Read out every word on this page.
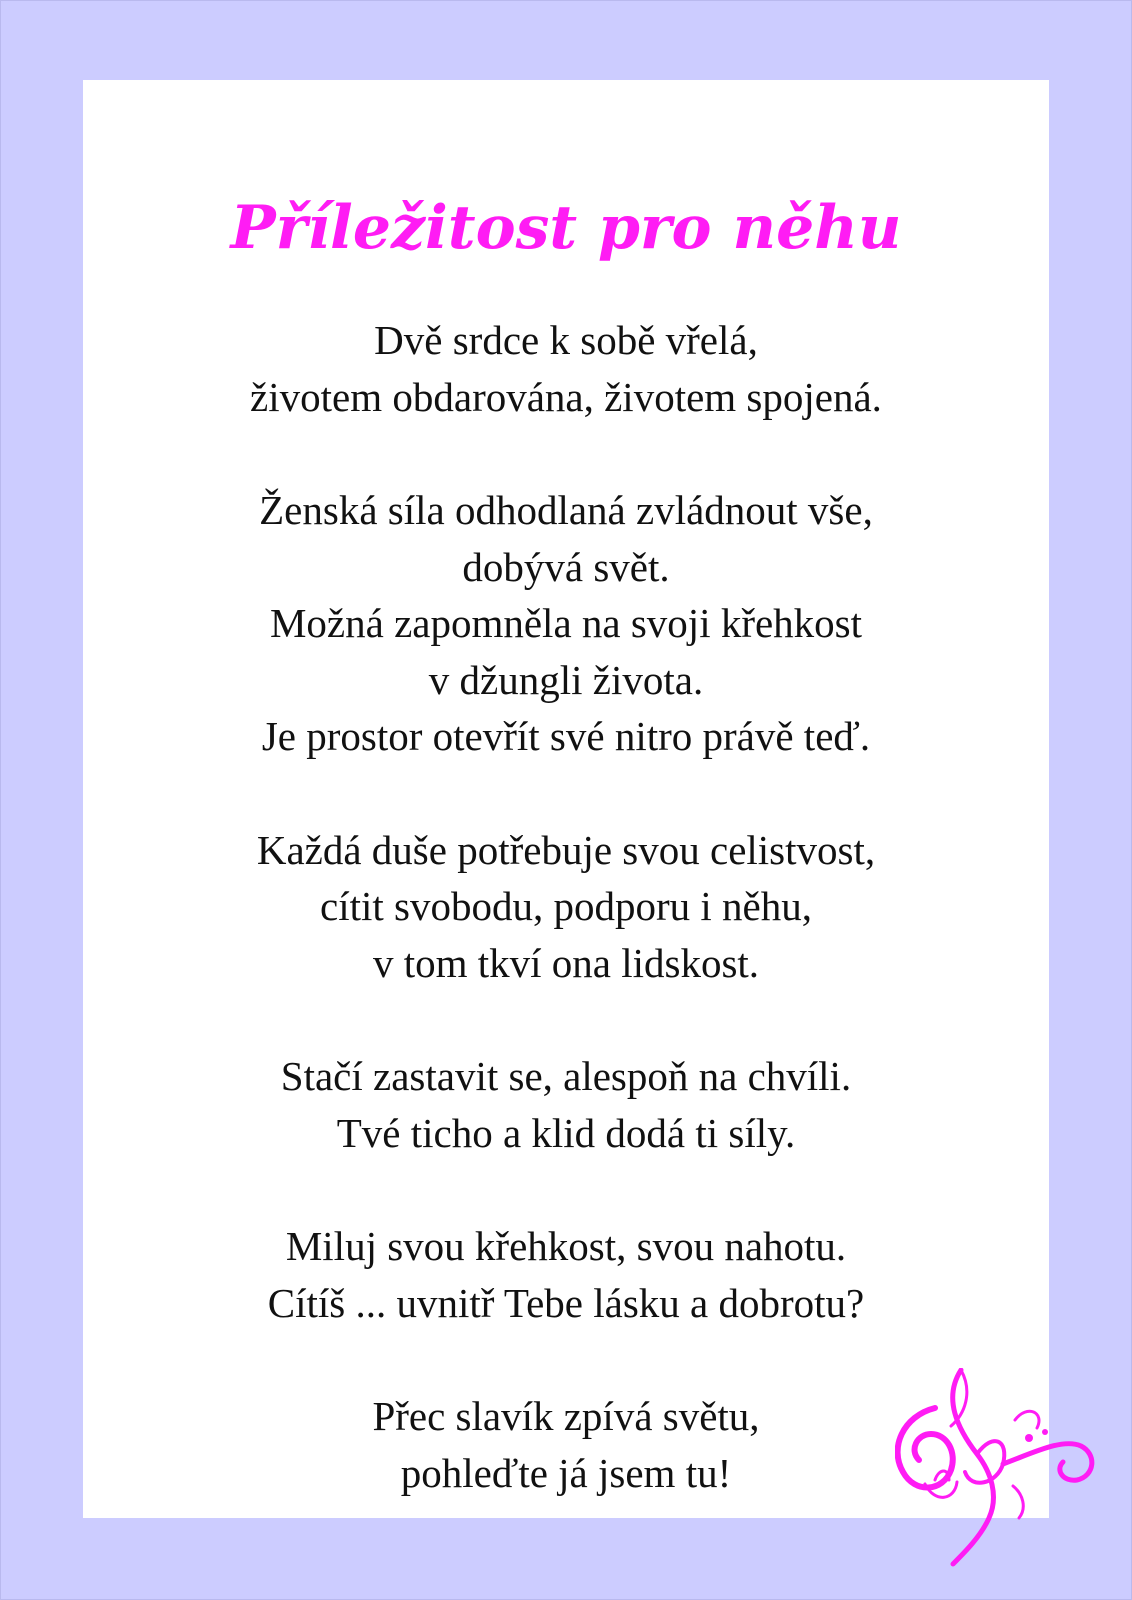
Příležitost pro něhu
Dvě srdce k sobě vřelá,
životem obdarována, životem spojená.
Ženská síla odhodlaná zvládnout vše,
dobývá svět.
Možná zapomněla na svoji křehkost
v džungli života.
Je prostor otevřít své nitro právě teď.
Každá duše potřebuje svou celistvost,
cítit svobodu, podporu i něhu,
v tom tkví ona lidskost.
Stačí zastavit se, alespoň na chvíli.
Tvé ticho a klid dodá ti síly.
Miluj svou křehkost, svou nahotu.
Cítíš ... uvnitř Tebe lásku a dobrotu?
Přec slavík zpívá světu,
pohleďte já jsem tu!
